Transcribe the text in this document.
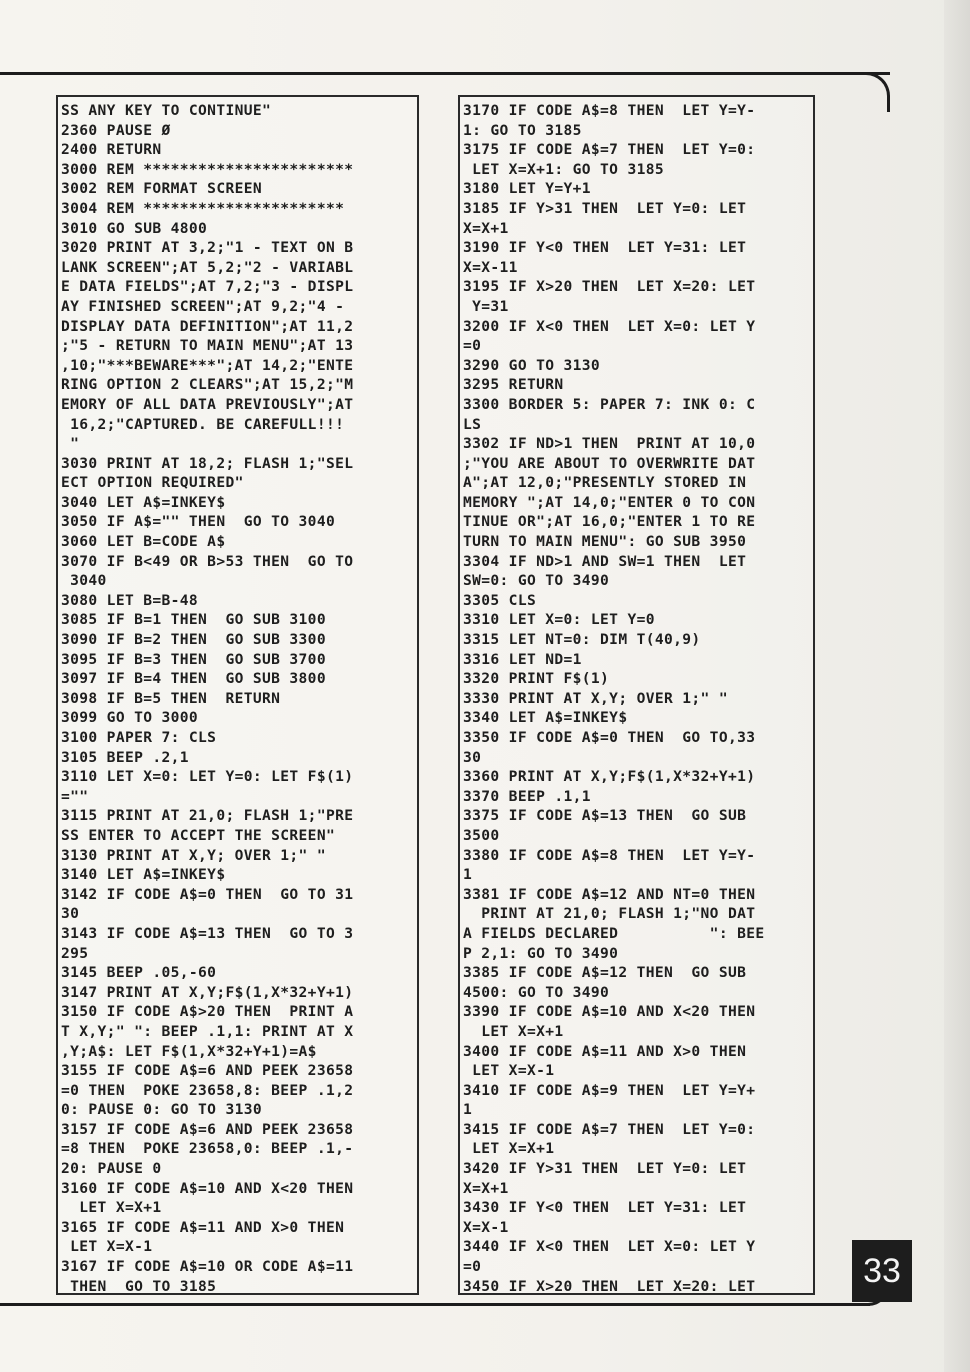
SS ANY KEY TO CONTINUE"
2360 PAUSE Ø
2400 RETURN
3000 REM ***********************
3002 REM FORMAT SCREEN
3004 REM **********************
3010 GO SUB 4800
3020 PRINT AT 3,2;"1 - TEXT ON B
LANK SCREEN";AT 5,2;"2 - VARIABL
E DATA FIELDS";AT 7,2;"3 - DISPL
AY FINISHED SCREEN";AT 9,2;"4 -
DISPLAY DATA DEFINITION";AT 11,2
;"5 - RETURN TO MAIN MENU";AT 13
,10;"***BEWARE***";AT 14,2;"ENTE
RING OPTION 2 CLEARS";AT 15,2;"M
EMORY OF ALL DATA PREVIOUSLY";AT
16,2;"CAPTURED. BE CAREFULL!!!
"
3030 PRINT AT 18,2; FLASH 1;"SEL
ECT OPTION REQUIRED"
3040 LET A$=INKEY$
3050 IF A$="" THEN  GO TO 3040
3060 LET B=CODE A$
3070 IF B<49 OR B>53 THEN  GO TO
3040
3080 LET B=B-48
3085 IF B=1 THEN  GO SUB 3100
3090 IF B=2 THEN  GO SUB 3300
3095 IF B=3 THEN  GO SUB 3700
3097 IF B=4 THEN  GO SUB 3800
3098 IF B=5 THEN  RETURN
3099 GO TO 3000
3100 PAPER 7: CLS
3105 BEEP .2,1
3110 LET X=0: LET Y=0: LET F$(1)
=""
3115 PRINT AT 21,0; FLASH 1;"PRE
SS ENTER TO ACCEPT THE SCREEN"
3130 PRINT AT X,Y; OVER 1;" "
3140 LET A$=INKEY$
3142 IF CODE A$=0 THEN  GO TO 31
30
3143 IF CODE A$=13 THEN  GO TO 3
295
3145 BEEP .05,-60
3147 PRINT AT X,Y;F$(1,X*32+Y+1)
3150 IF CODE A$>20 THEN  PRINT A
T X,Y;" ": BEEP .1,1: PRINT AT X
,Y;A$: LET F$(1,X*32+Y+1)=A$
3155 IF CODE A$=6 AND PEEK 23658
=0 THEN  POKE 23658,8: BEEP .1,2
0: PAUSE 0: GO TO 3130
3157 IF CODE A$=6 AND PEEK 23658
=8 THEN  POKE 23658,0: BEEP .1,-
20: PAUSE 0
3160 IF CODE A$=10 AND X<20 THEN
LET X=X+1
3165 IF CODE A$=11 AND X>0 THEN
LET X=X-1
3167 IF CODE A$=10 OR CODE A$=11
THEN  GO TO 3185
3170 IF CODE A$=8 THEN  LET Y=Y-
1: GO TO 3185
3175 IF CODE A$=7 THEN  LET Y=0:
LET X=X+1: GO TO 3185
3180 LET Y=Y+1
3185 IF Y>31 THEN  LET Y=0: LET
X=X+1
3190 IF Y<0 THEN  LET Y=31: LET
X=X-11
3195 IF X>20 THEN  LET X=20: LET
Y=31
3200 IF X<0 THEN  LET X=0: LET Y
=0
3290 GO TO 3130
3295 RETURN
3300 BORDER 5: PAPER 7: INK 0: C
LS
3302 IF ND>1 THEN  PRINT AT 10,0
;"YOU ARE ABOUT TO OVERWRITE DAT
A";AT 12,0;"PRESENTLY STORED IN
MEMORY ";AT 14,0;"ENTER 0 TO CON
TINUE OR";AT 16,0;"ENTER 1 TO RE
TURN TO MAIN MENU": GO SUB 3950
3304 IF ND>1 AND SW=1 THEN  LET
SW=0: GO TO 3490
3305 CLS
3310 LET X=0: LET Y=0
3315 LET NT=0: DIM T(40,9)
3316 LET ND=1
3320 PRINT F$(1)
3330 PRINT AT X,Y; OVER 1;" "
3340 LET A$=INKEY$
3350 IF CODE A$=0 THEN  GO TO,33
30
3360 PRINT AT X,Y;F$(1,X*32+Y+1)
3370 BEEP .1,1
3375 IF CODE A$=13 THEN  GO SUB
3500
3380 IF CODE A$=8 THEN  LET Y=Y-
1
3381 IF CODE A$=12 AND NT=0 THEN
PRINT AT 21,0; FLASH 1;"NO DAT
A FIELDS DECLARED          ": BEE
P 2,1: GO TO 3490
3385 IF CODE A$=12 THEN  GO SUB
4500: GO TO 3490
3390 IF CODE A$=10 AND X<20 THEN
LET X=X+1
3400 IF CODE A$=11 AND X>0 THEN
LET X=X-1
3410 IF CODE A$=9 THEN  LET Y=Y+
1
3415 IF CODE A$=7 THEN  LET Y=0:
LET X=X+1
3420 IF Y>31 THEN  LET Y=0: LET
X=X+1
3430 IF Y<0 THEN  LET Y=31: LET
X=X-1
3440 IF X<0 THEN  LET X=0: LET Y
=0
3450 IF X>20 THEN  LET X=20: LET	33
